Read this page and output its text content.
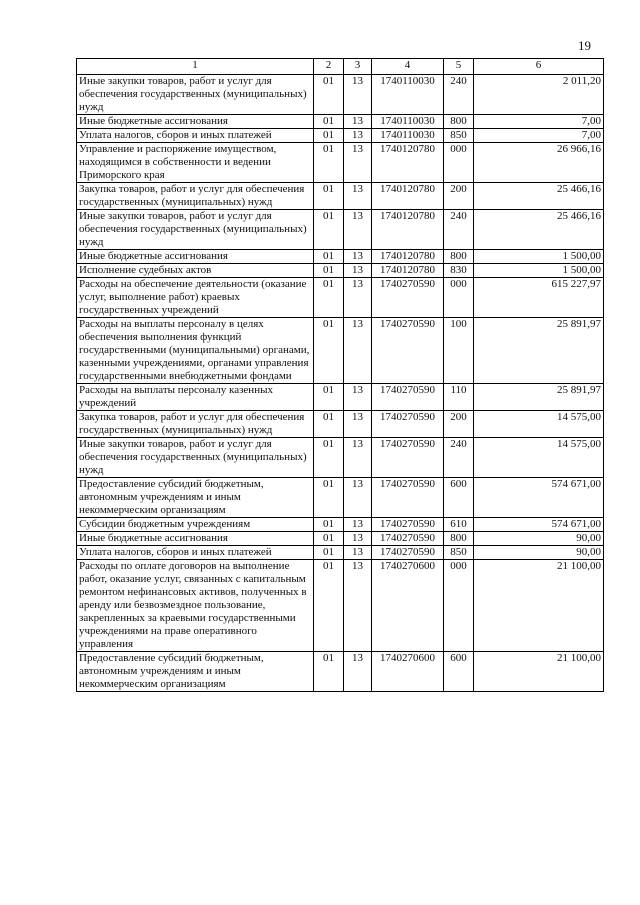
19
1	2	3	4	5	6
Иные закупки товаров, работ и услуг для обеспечения государственных (муниципальных) нужд	01	13	1740110030	240	2 011,20
Иные бюджетные ассигнования	01	13	1740110030	800	7,00
Уплата налогов, сборов и иных платежей	01	13	1740110030	850	7,00
Управление и распоряжение имуществом, находящимся в собственности и ведении Приморского края	01	13	1740120780	000	26 966,16
Закупка товаров, работ и услуг для обеспечения государственных (муниципальных) нужд	01	13	1740120780	200	25 466,16
Иные закупки товаров, работ и услуг для обеспечения государственных (муниципальных) нужд	01	13	1740120780	240	25 466,16
Иные бюджетные ассигнования	01	13	1740120780	800	1 500,00
Исполнение судебных актов	01	13	1740120780	830	1 500,00
Расходы на обеспечение деятельности (оказание услуг, выполнение работ) краевых государственных учреждений	01	13	1740270590	000	615 227,97
Расходы на выплаты персоналу в целях обеспечения выполнения функций государственными (муниципальными) органами, казенными учреждениями, органами управления государственными внебюджетными фондами	01	13	1740270590	100	25 891,97
Расходы на выплаты персоналу казенных учреждений	01	13	1740270590	110	25 891,97
Закупка товаров, работ и услуг для обеспечения государственных (муниципальных) нужд	01	13	1740270590	200	14 575,00
Иные закупки товаров, работ и услуг для обеспечения государственных (муниципальных) нужд	01	13	1740270590	240	14 575,00
Предоставление субсидий бюджетным, автономным учреждениям и иным некоммерческим организациям	01	13	1740270590	600	574 671,00
Субсидии бюджетным учреждениям	01	13	1740270590	610	574 671,00
Иные бюджетные ассигнования	01	13	1740270590	800	90,00
Уплата налогов, сборов и иных платежей	01	13	1740270590	850	90,00
Расходы по оплате договоров на выполнение работ, оказание услуг, связанных с капитальным ремонтом нефинансовых активов, полученных в аренду или безвозмездное пользование, закрепленных за краевыми государственными учреждениями на праве оперативного управления	01	13	1740270600	000	21 100,00
Предоставление субсидий бюджетным, автономным учреждениям и иным некоммерческим организациям	01	13	1740270600	600	21 100,00
